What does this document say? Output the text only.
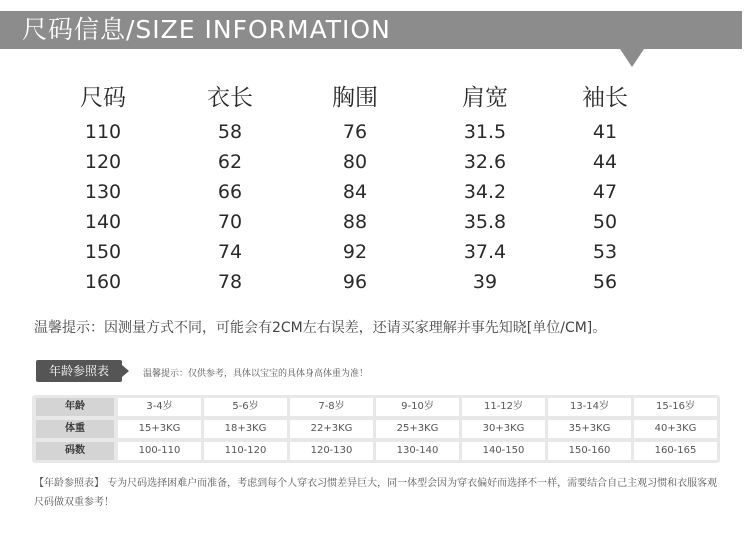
尺码信息/SIZE INFORMATION
尺码	衣长	胸围	肩宽	袖长
110	58	76	31.5	41
120	62	80	32.6	44
130	66	84	34.2	47
140	70	88	35.8	50
150	74	92	37.4	53
160	78	96	39	56
温馨提示：因测量方式不同，可能会有2CM左右误差，还请买家理解并事先知晓[单位/CM]。
年龄参照表	温馨提示：仅供参考，具体以宝宝的具体身高体重为准！
年龄	3-4岁	5-6岁	7-8岁	9-10岁	11-12岁	13-14岁	15-16岁
体重	15+3KG	18+3KG	22+3KG	25+3KG	30+3KG	35+3KG	40+3KG
码数	100-110	110-120	120-130	130-140	140-150	150-160	160-165
【年龄参照表】 专为尺码选择困难户而准备，考虑到每个人穿衣习惯差异巨大，同一体型会因为穿衣偏好而选择不一样，需要结合自己主观习惯和衣服客观尺码做双重参考！
